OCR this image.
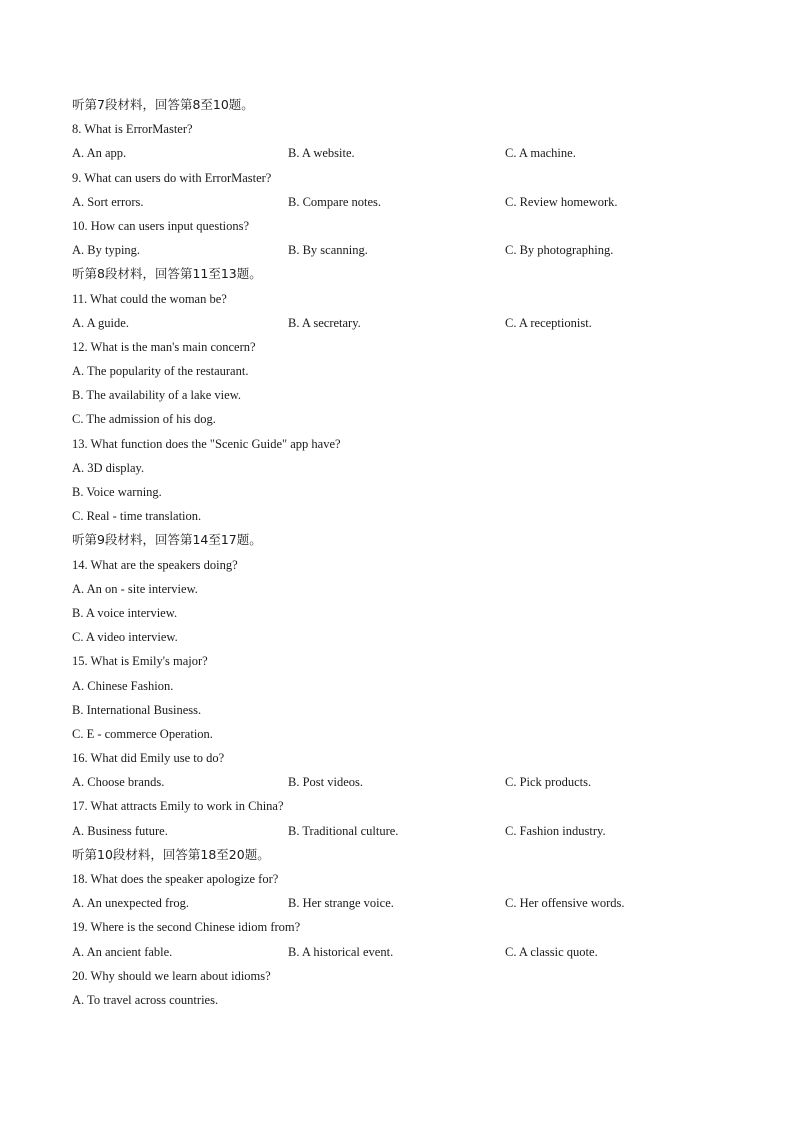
听第7段材料，回答第8至10题。
8. What is ErrorMaster?
A. An app.	B. A website.	C. A machine.
9. What can users do with ErrorMaster?
A. Sort errors.	B. Compare notes.	C. Review homework.
10. How can users input questions?
A. By typing.	B. By scanning.	C. By photographing.
听第8段材料，回答第11至13题。
11. What could the woman be?
A. A guide.	B. A secretary.	C. A receptionist.
12. What is the man's main concern?
A. The popularity of the restaurant.
B. The availability of a lake view.
C. The admission of his dog.
13. What function does the "Scenic Guide" app have?
A. 3D display.
B. Voice warning.
C. Real - time translation.
听第9段材料，回答第14至17题。
14. What are the speakers doing?
A. An on - site interview.
B. A voice interview.
C. A video interview.
15. What is Emily's major?
A. Chinese Fashion.
B. International Business.
C. E - commerce Operation.
16. What did Emily use to do?
A. Choose brands.	B. Post videos.	C. Pick products.
17. What attracts Emily to work in China?
A. Business future.	B. Traditional culture.	C. Fashion industry.
听第10段材料，回答第18至20题。
18. What does the speaker apologize for?
A. An unexpected frog.	B. Her strange voice.	C. Her offensive words.
19. Where is the second Chinese idiom from?
A. An ancient fable.	B. A historical event.	C. A classic quote.
20. Why should we learn about idioms?
A. To travel across countries.
